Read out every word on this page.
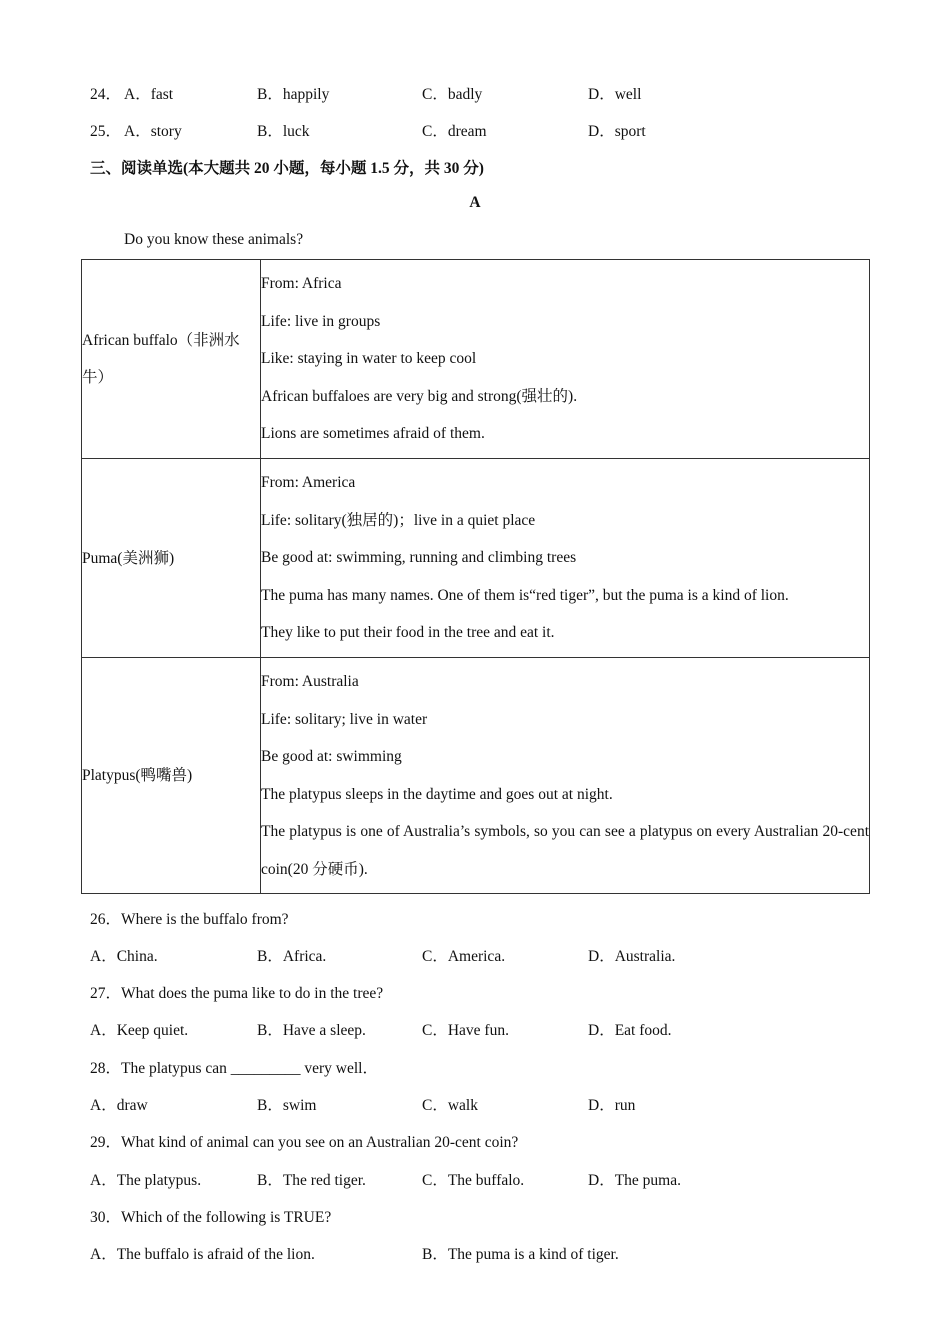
24． A．fast	B．happily	C．badly	D．well
25． A．story	B．luck	C．dream	D．sport
三、阅读单选(本大题共 20 小题，每小题 1.5 分，共 30 分)
A
Do you know these animals?
African buffalo（非洲水牛）	From: Africa

Life: live in groups

Like: staying in water to keep cool

African buffaloes are very big and strong(强壮的).

Lions are sometimes afraid of them.

Puma(美洲狮)	From: America

Life: solitary(独居的)；live in a quiet place

Be good at: swimming, running and climbing trees

The puma has many names. One of them is“red tiger”, but the puma is a kind of lion.

They like to put their food in the tree and eat it.

Platypus(鸭嘴兽)	From: Australia

Life: solitary; live in water

Be good at: swimming

The platypus sleeps in the daytime and goes out at night.

The platypus is one of Australia’s symbols, so you can see a platypus on every Australian 20-cent coin(20 分硬币).

26．Where is the buffalo from?
A．China.	B．Africa.	C．America.	D．Australia.
27．What does the puma like to do in the tree?
A．Keep quiet.	B．Have a sleep.	C．Have fun.	D．Eat food.
28．The platypus can _________ very well．
A．draw	B．swim	C．walk	D．run
29．What kind of animal can you see on an Australian 20-cent coin?
A．The platypus.	B．The red tiger.	C．The buffalo.	D．The puma.
30．Which of the following is TRUE?
A．The buffalo is afraid of the lion.	B．The puma is a kind of tiger.
